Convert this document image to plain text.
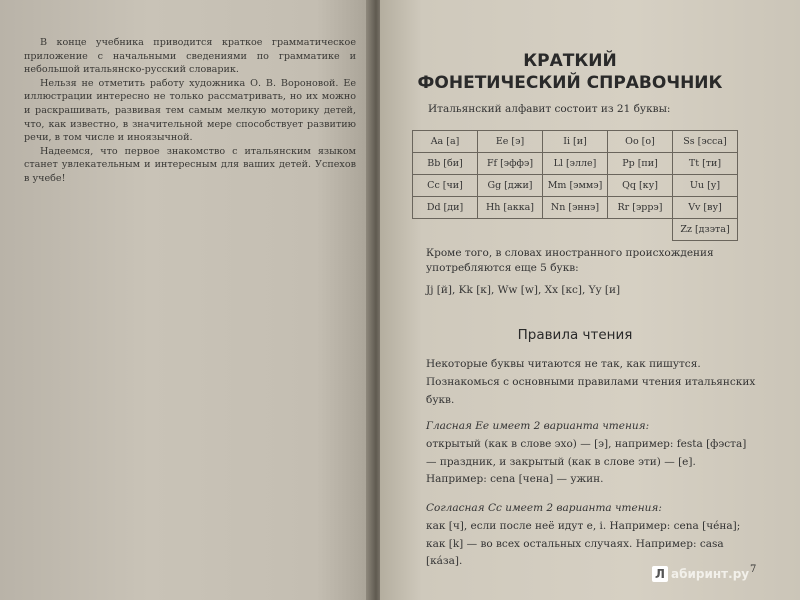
В конце учебника приводится краткое грамматическое приложение с начальными сведениями по грамматике и небольшой итальянско-русский словарик.

Нельзя не отметить работу художника О. В. Вороновой. Ее иллюстрации интересно не только рассматривать, но их можно и раскрашивать, развивая тем самым мелкую моторику детей, что, как известно, в значительной мере способствует развитию речи, в том числе и иноязычной.

Надеемся, что первое знакомство с итальянским языком станет увлекательным и интересным для ваших детей. Успехов в учебе!

КРАТКИЙ
ФОНЕТИЧЕСКИЙ СПРАВОЧНИК
Итальянский алфавит состоит из 21 буквы:
Aa [а]	Ee [э]	Ii [и]	Oo [о]	Ss [эсса]
Bb [би]	Ff [эффэ]	Ll [элле]	Pp [пи]	Tt [ти]
Cc [чи]	Gg [джи]	Mm [эммэ]	Qq [ку]	Uu [у]
Dd [ди]	Hh [акка]	Nn [эннэ]	Rr [эррэ]	Vv [ву]
				Zz [дзэта]
Кроме того, в словах иностранного происхождения употребляются еще 5 букв:
Jj [й], Kk [к], Ww [w], Xx [кс], Yy [и]
Правила чтения

Некоторые буквы читаются не так, как пишутся.

Познакомься с основными правилами чтения итальянских букв.

Гласная Ee имеет 2 варианта чтения:

открытый (как в слове эхо) — [э], например: festa [фэста] — праздник, и закрытый (как в слове эти) — [е]. Например: cena [чена] — ужин.

Согласная Cc имеет 2 варианта чтения:

как [ч], если после неё идут e, i. Например: cena [чéна]; как [k] — во всех остальных случаях. Например: casa [кáза].

7
Л абиринт.ру
